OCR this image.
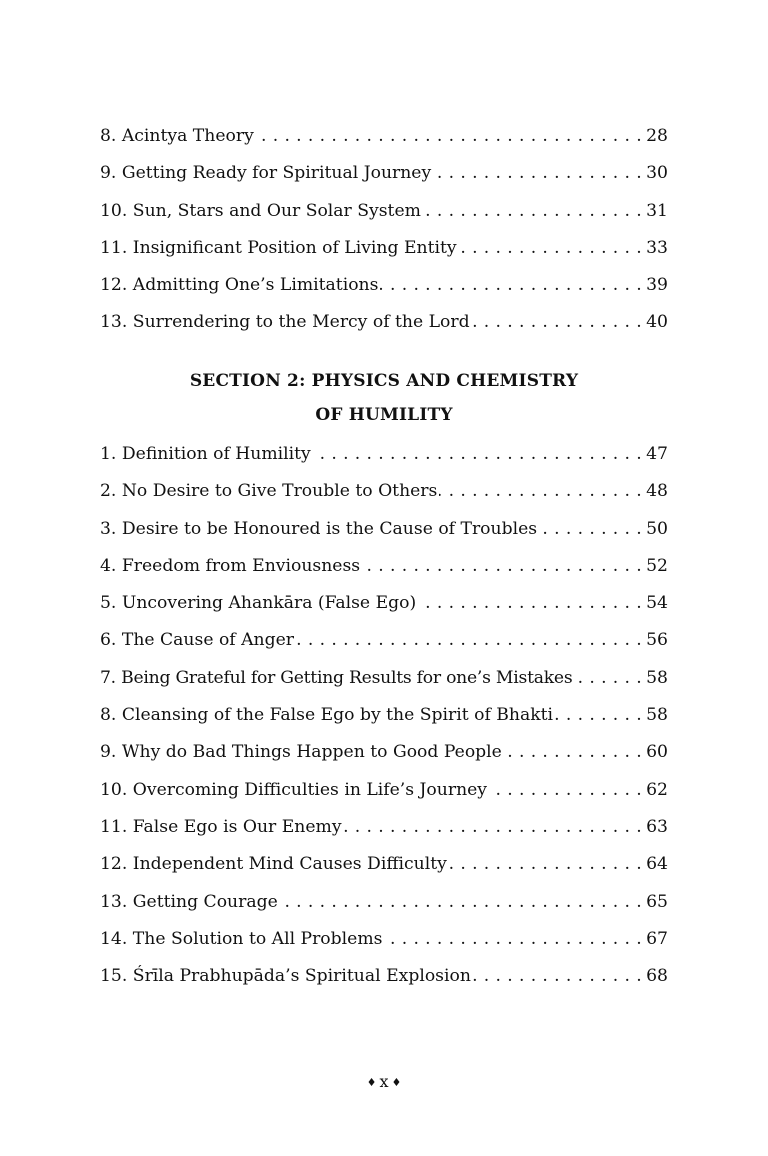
8. Acintya Theory . . .	28
9. Getting Ready for Spiritual Journey . . .	30
10. Sun, Stars and Our Solar System . . .	31
11. Insignificant Position of Living Entity . . .	33
12. Admitting One’s Limitations . . .	39
13. Surrendering to the Mercy of the Lord . . .	40
SECTION 2: PHYSICS AND CHEMISTRY
OF HUMILITY
1. Definition of Humility . . .	47
2. No Desire to Give Trouble to Others . . .	48
3. Desire to be Honoured is the Cause of Troubles . . .	50
4. Freedom from Enviousness . . .	52
5. Uncovering Ahankāra (False Ego) . . .	54
6. The Cause of Anger . . .	56
7. Being Grateful for Getting Results for one’s Mistakes . . .	58
8. Cleansing of the False Ego by the Spirit of Bhakti . . .	58
9. Why do Bad Things Happen to Good People . . .	60
10. Overcoming Difficulties in Life’s Journey . . .	62
11. False Ego is Our Enemy . . .	63
12. Independent Mind Causes Difficulty . . .	64
13. Getting Courage . . .	65
14. The Solution to All Problems . . .	67
15. Śrīla Prabhupāda’s Spiritual Explosion . . .	68
♦ x ♦
